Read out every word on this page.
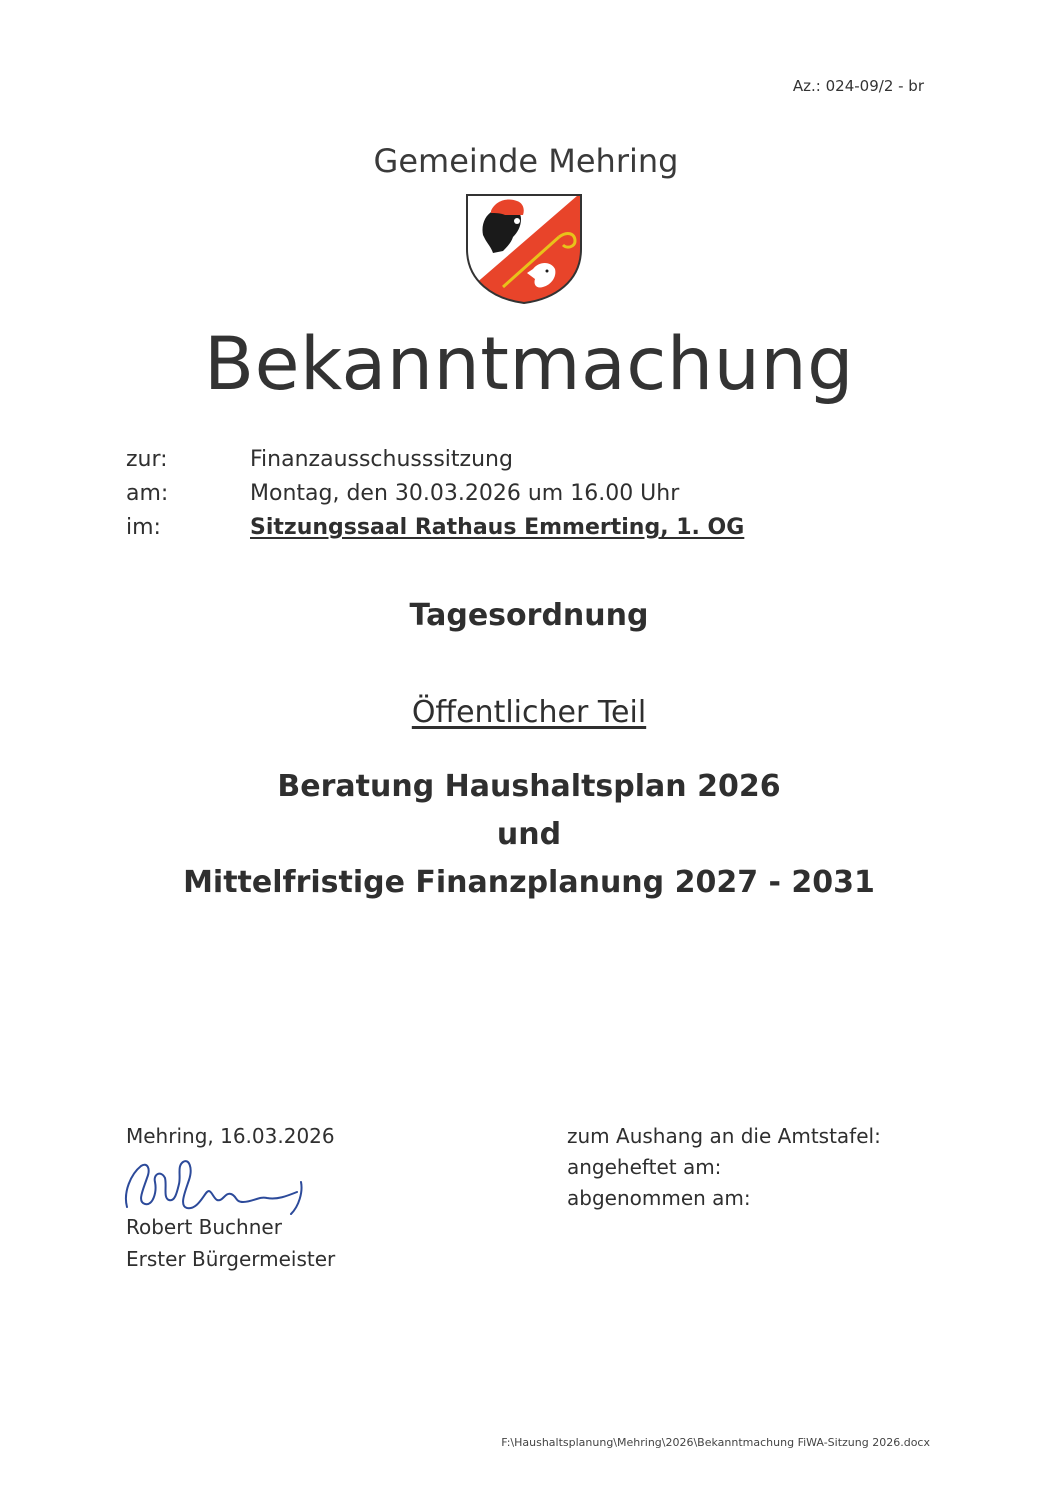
Az.: 024-09/2 - br
Gemeinde Mehring
Bekanntmachung
zur:	Finanzausschusssitzung
am:	Montag, den 30.03.2026 um 16.00 Uhr
im:	Sitzungssaal Rathaus Emmerting, 1. OG
Tagesordnung
Öffentlicher Teil
Beratung Haushaltsplan 2026
und
Mittelfristige Finanzplanung 2027 - 2031
Mehring, 16.03.2026
Robert Buchner
Erster Bürgermeister
zum Aushang an die Amtstafel:
angeheftet am:
abgenommen am:
F:\Haushaltsplanung\Mehring\2026\Bekanntmachung FiWA-Sitzung 2026.docx
